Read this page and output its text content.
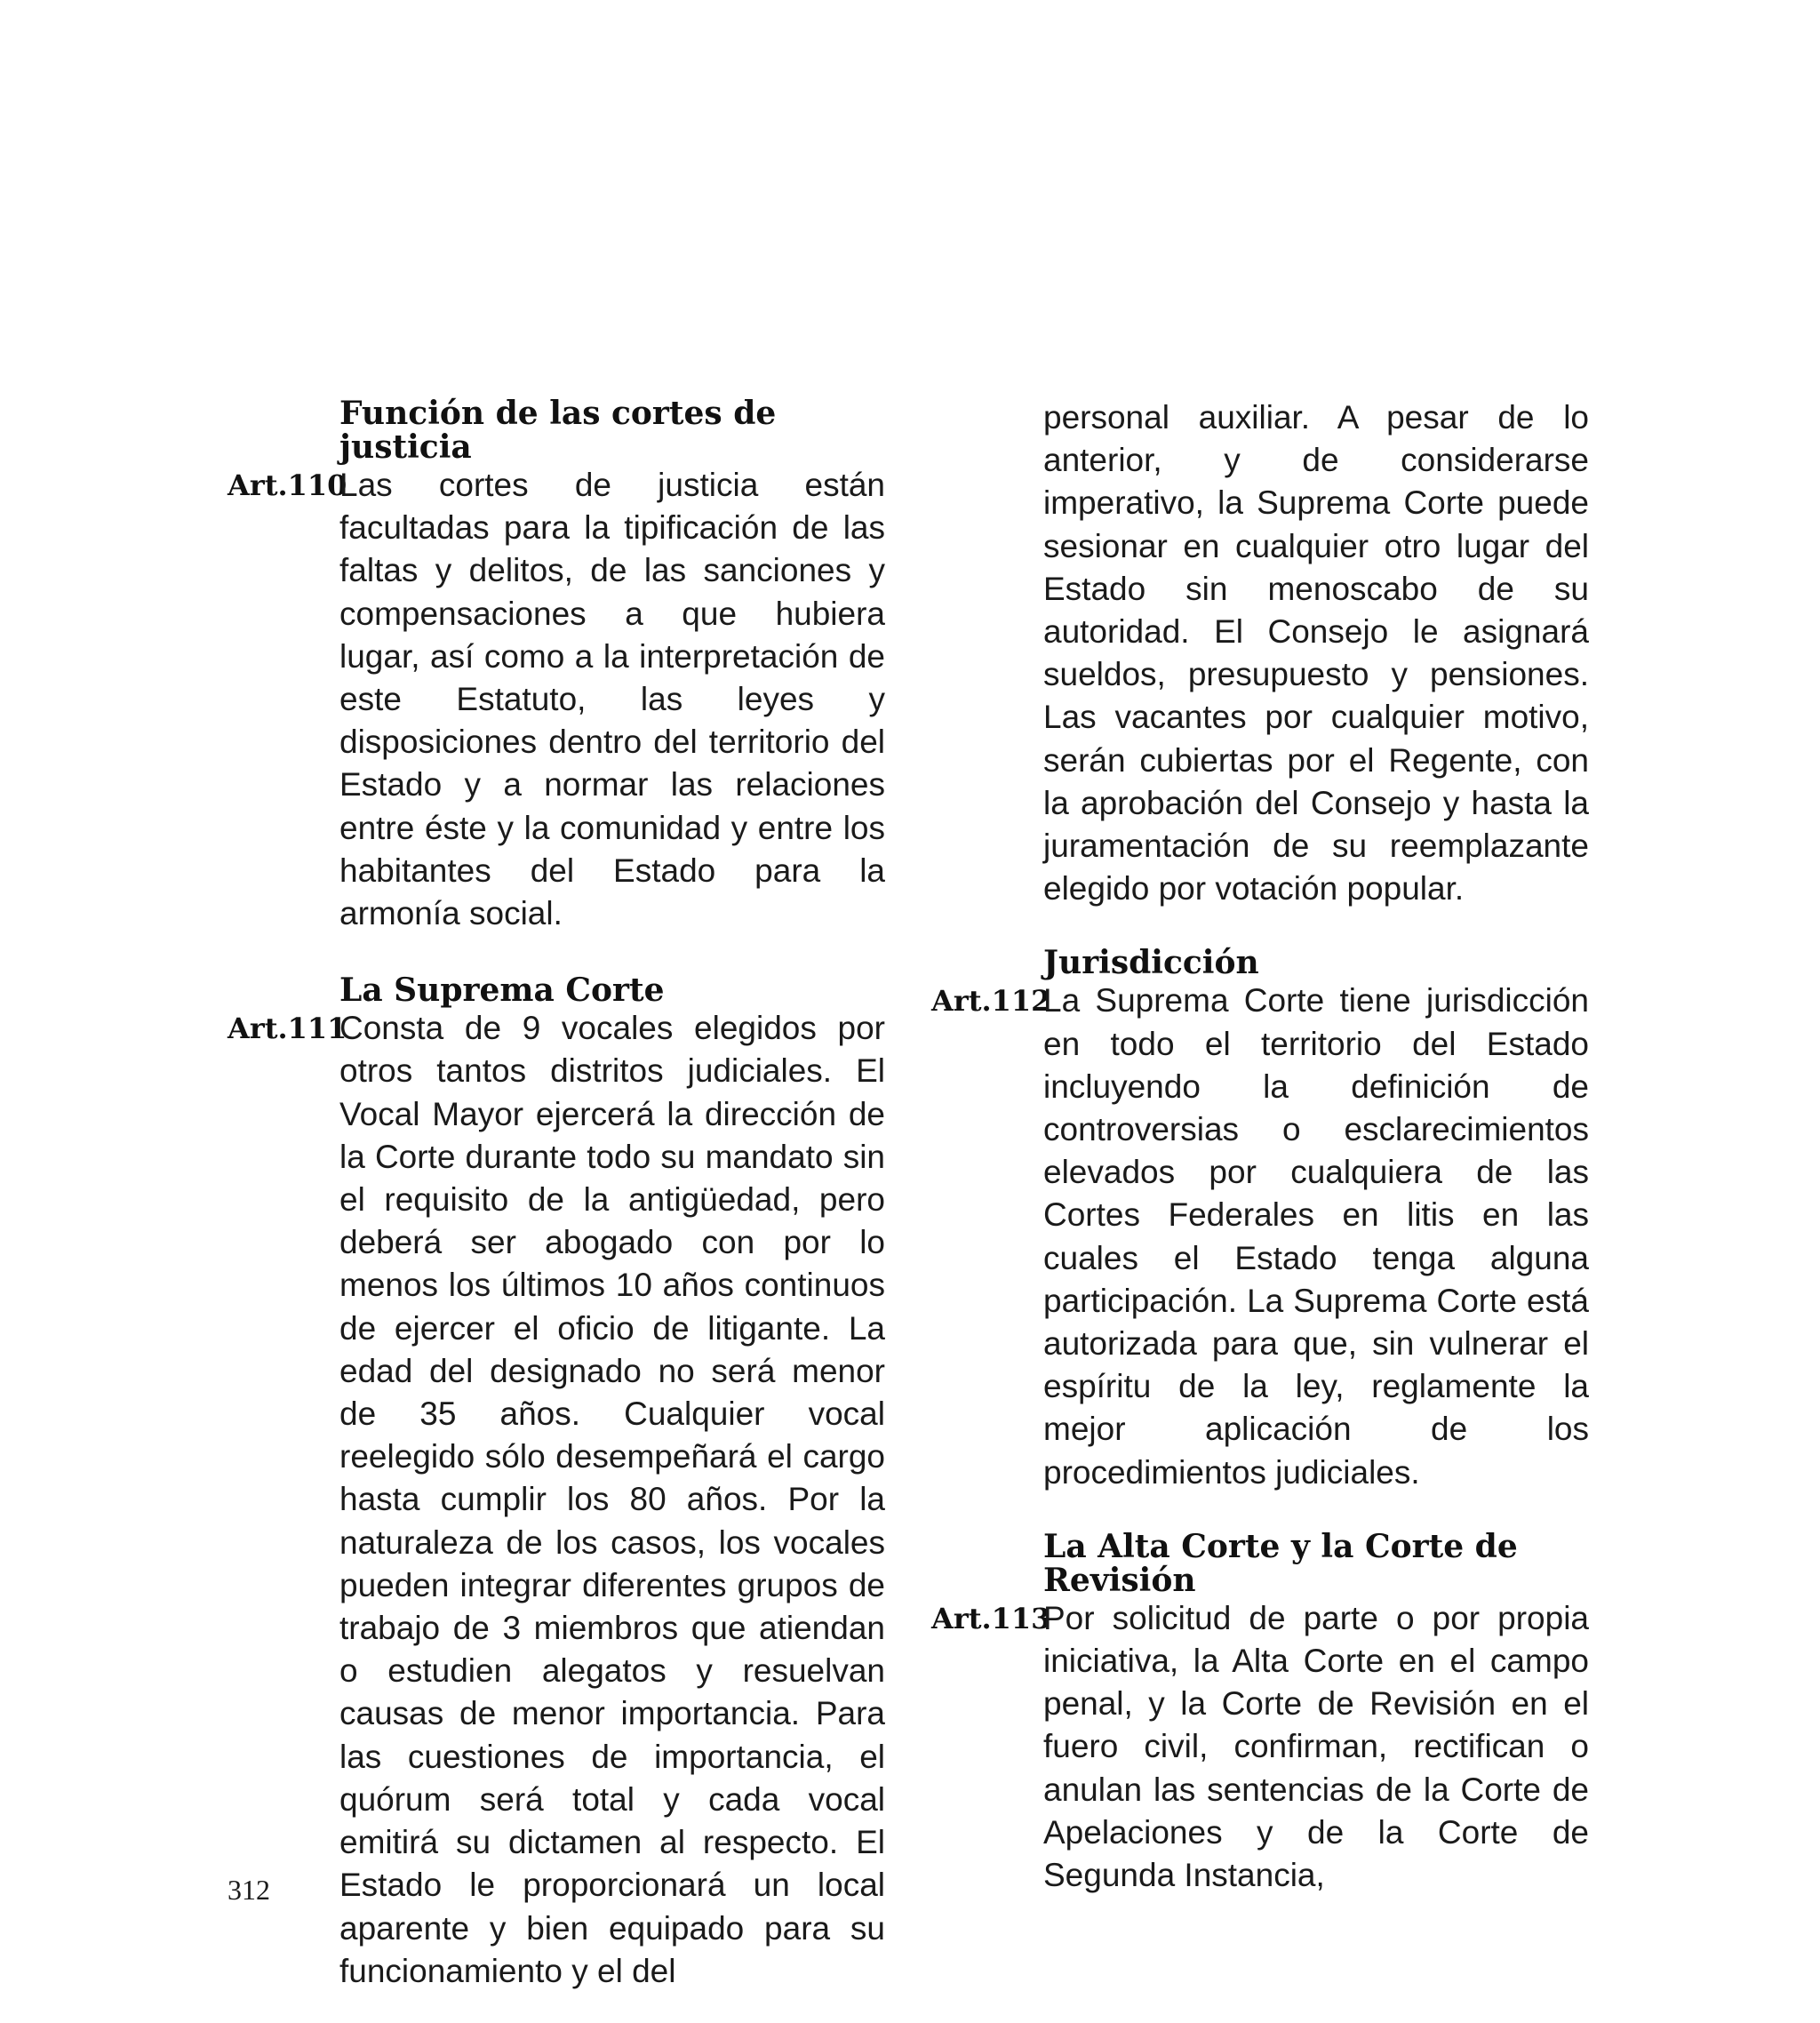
Función de las cortes de justicia
Art.110
Las cortes de justicia están facultadas para la tipificación de las faltas y delitos, de las sanciones y compensaciones a que hubiera lugar, así como a la interpretación de este Estatuto, las leyes y disposiciones dentro del territorio del Estado y a normar las relaciones entre éste y la comunidad y entre los habitantes del Estado para la armonía social.
La Suprema Corte
Art.111
Consta de 9 vocales elegidos por otros tantos distritos judiciales. El Vocal Mayor ejercerá la dirección de la Corte durante todo su mandato sin el requisito de la antigüedad, pero deberá ser abogado con por lo menos los últimos 10 años continuos de ejercer el oficio de litigante. La edad del designado no será menor de 35 años. Cualquier vocal reelegido sólo desempeñará el cargo hasta cumplir los 80 años. Por la naturaleza de los casos, los vocales pueden integrar diferentes grupos de trabajo de 3 miembros que atiendan o estudien alegatos y resuelvan causas de menor importancia. Para las cuestiones de importancia, el quórum será total y cada vocal emitirá su dictamen al respecto. El Estado le proporcionará un local aparente y bien equipado para su funcionamiento y el del
personal auxiliar. A pesar de lo anterior, y de considerarse imperativo, la Suprema Corte puede sesionar en cualquier otro lugar del Estado sin menoscabo de su autoridad. El Consejo le asignará sueldos, presupuesto y pensiones. Las vacantes por cualquier motivo, serán cubiertas por el Regente, con la aprobación del Consejo y hasta la juramentación de su reemplazante elegido por votación popular.
Jurisdicción
Art.112
La Suprema Corte tiene jurisdicción en todo el territorio del Estado incluyendo la definición de controversias o esclarecimientos elevados por cualquiera de las Cortes Federales en litis en las cuales el Estado tenga alguna participación. La Suprema Corte está autorizada para que, sin vulnerar el espíritu de la ley, reglamente la mejor aplicación de los procedimientos judiciales.
La Alta Corte y la Corte de Revisión
Art.113
Por solicitud de parte o por propia iniciativa, la Alta Corte en el campo penal, y la Corte de Revisión en el fuero civil, confirman, rectifican o anulan las sentencias de la Corte de Apelaciones y de la Corte de Segunda Instancia,
312
